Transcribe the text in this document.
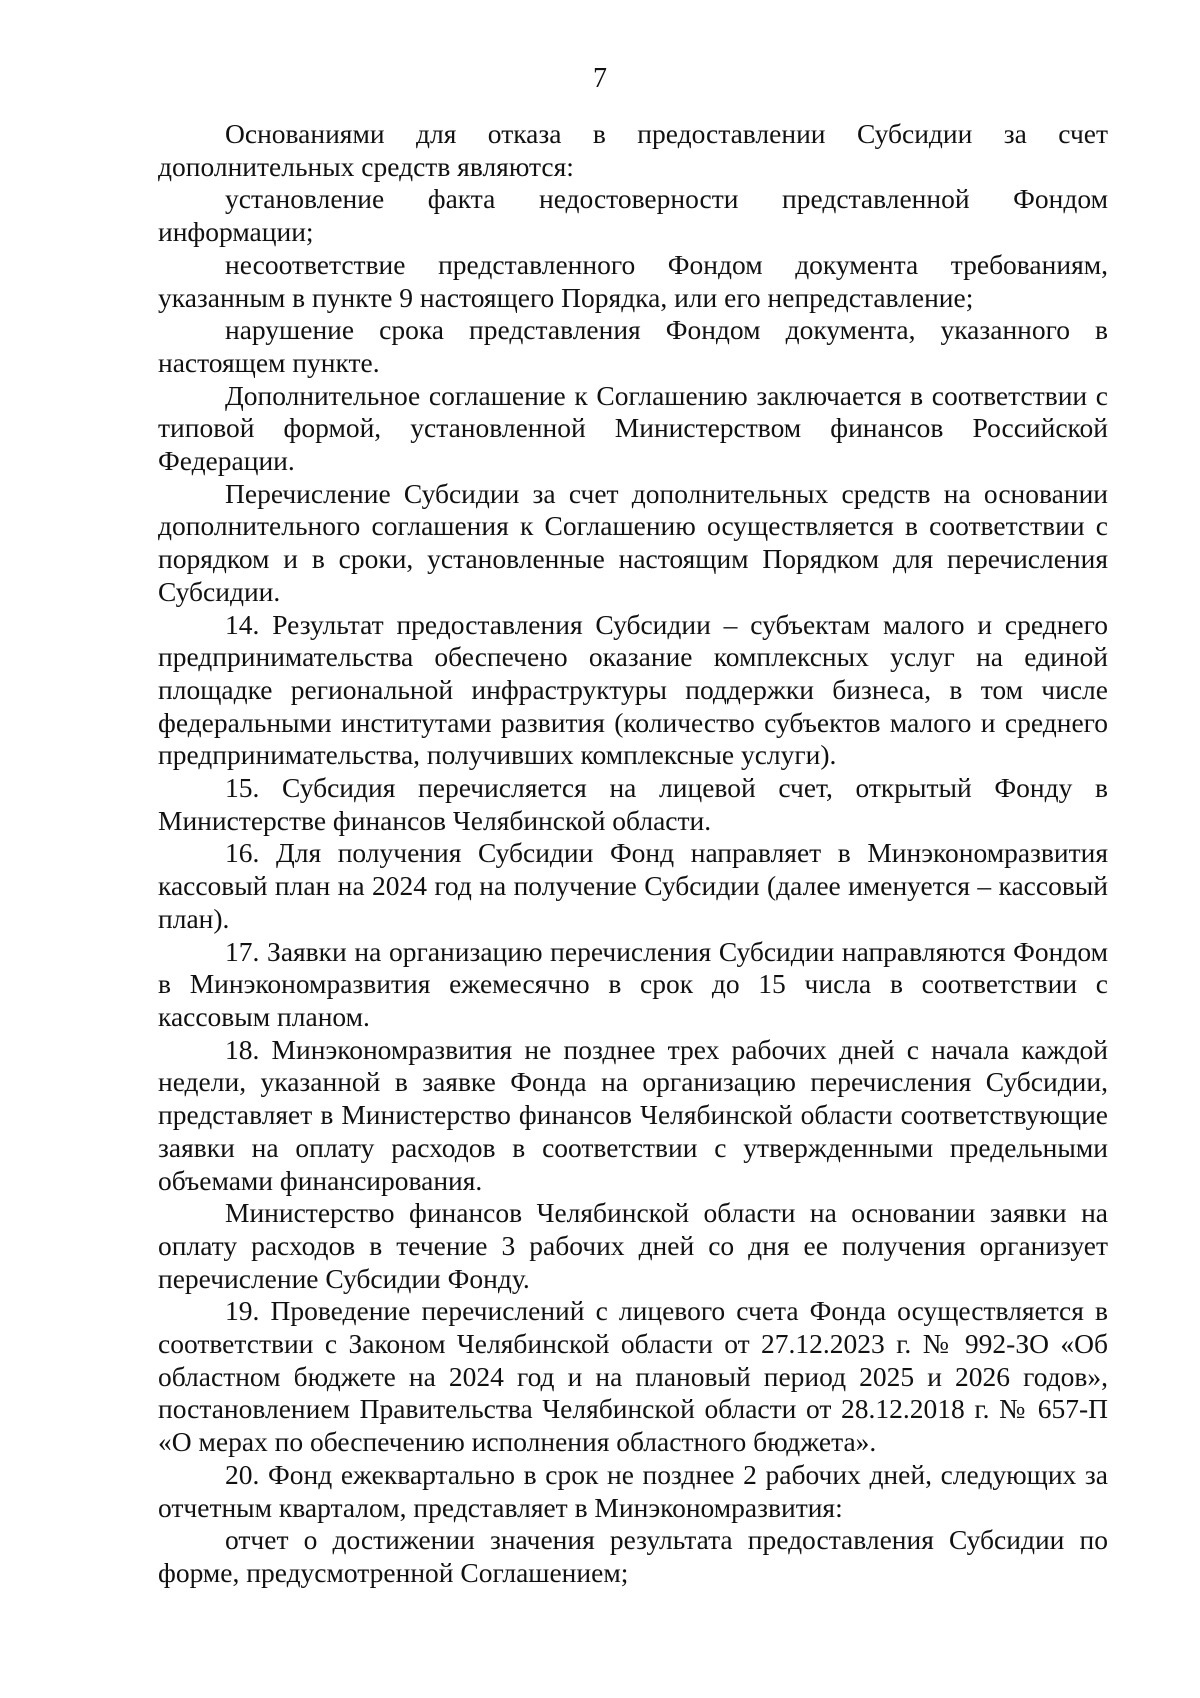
7

Основаниями для отказа в предоставлении Субсидии за счет дополнительных средств являются:

установление факта недостоверности представленной Фондом информации;

несоответствие представленного Фондом документа требованиям, указанным в пункте 9 настоящего Порядка, или его непредставление;

нарушение срока представления Фондом документа, указанного в настоящем пункте.

Дополнительное соглашение к Соглашению заключается в соответствии с типовой формой, установленной Министерством финансов Российской Федерации.

Перечисление Субсидии за счет дополнительных средств на основании дополнительного соглашения к Соглашению осуществляется в соответствии с порядком и в сроки, установленные настоящим Порядком для перечисления Субсидии.

14. Результат предоставления Субсидии – субъектам малого и среднего предпринимательства обеспечено оказание комплексных услуг на единой площадке региональной инфраструктуры поддержки бизнеса, в том числе федеральными институтами развития (количество субъектов малого и среднего предпринимательства, получивших комплексные услуги).

15. Субсидия перечисляется на лицевой счет, открытый Фонду в Министерстве финансов Челябинской области.

16. Для получения Субсидии Фонд направляет в Минэкономразвития кассовый план на 2024 год на получение Субсидии (далее именуется – кассовый план).

17. Заявки на организацию перечисления Субсидии направляются Фондом в Минэкономразвития ежемесячно в срок до 15 числа в соответствии с кассовым планом.

18. Минэкономразвития не позднее трех рабочих дней с начала каждой недели, указанной в заявке Фонда на организацию перечисления Субсидии, представляет в Министерство финансов Челябинской области соответствующие заявки на оплату расходов в соответствии с утвержденными предельными объемами финансирования.

Министерство финансов Челябинской области на основании заявки на оплату расходов в течение 3 рабочих дней со дня ее получения организует перечисление Субсидии Фонду.

19. Проведение перечислений с лицевого счета Фонда осуществляется в соответствии с Законом Челябинской области от 27.12.2023 г. № 992-ЗО «Об областном бюджете на 2024 год и на плановый период 2025 и 2026 годов», постановлением Правительства Челябинской области от 28.12.2018 г. № 657-П «О мерах по обеспечению исполнения областного бюджета».

20. Фонд ежеквартально в срок не позднее 2 рабочих дней, следующих за отчетным кварталом, представляет в Минэкономразвития:

отчет о достижении значения результата предоставления Субсидии по форме, предусмотренной Соглашением;
